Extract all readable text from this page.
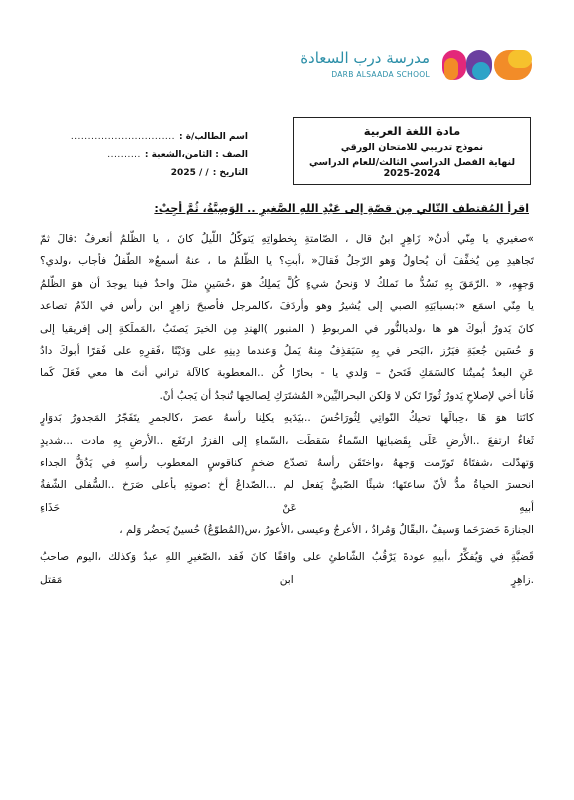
مدرسة درب السعادة
DARB ALSAADA SCHOOL
مادة اللغة العربية
نموذج تدريبي للامتحان الورقي
لنهاية الفصل الدراسي الثالث/للعام الدراسي 2024-2025
اسم الطالب/ة :
...............................
الصف : الثامن،الشعبة :
..........
التاريخ :
/ / 2025
اقرأ المُقتطف التّالي مِن قصّةِ إلى عَبْدِ اللهِ الصَّغيرِ .. الوَصِيَّةُ، ثُمَّ أجِبْ:
»صغيري يا مِنّي أدنُ« زَاهِرٍ ابنُ قال ، الصّامتةِ بِخطواتِهِ يَتوكّلُ اللّيلُ كانَ ، يا الظّلمُ أتعرفُ :قالَ ثمّ
تَجاهيدِ مِن يُخفِّفَ أن يُحاولُ وَهو الرّجلُ فَقالَ« ،أبتِ؟ يا الظّلمُ ما ، عنهُ أسمعُ« الطّفلُ فأجاب ،ولدي؟
وَجهِهِ، « .الرّمَقَ بِهِ نَسُدُّ ما نَملكُ لا وَنحنُ شيءٍ كُلَّ يَملِكُ هوَ ،حُسَينٍ مثلَ واحدٌ فينا يوجدَ أن هوَ الظّلمُ
يا مِنّي اسمَع «:بسبابَتِهِ الصبي إلى يُشيرُ وهو وأردَفَ ،كالمرجل فأصبحَ زاهِرٍ ابن رأس في الدّمُ تصاعد
كانَ يَدورُ أبوكَ هو ها ،ولديالنُّور في المربوطِ ( المنبور )الهندِ مِن الخيرَ يَصنَبُ ،المَملَكةِ إلى إفريقيا إلى
وَ حُسَين جُعبَةِ فيَرُز ،البَحر في بِهِ سَيَقذِفُ مِنهُ يَملُ وَعندما دِينِهِ على وَدَيْنًا ،فَقرِهِ على فَقرًا أبوكَ دادُ
عَنِ البعدُ يُميتُنا كالسَمَكِ فَنَحنُ – وَلدي يا - بحارًا كُن ..المعطوبة كالآلة تراني أنتَ ها معي فَعَلَ كَما
فَأنا أخي لإصلاحِ يَدورُ ثُورًا تَكن لا وَلكن البحراليِّين« المُشتَرَكِ لِصالحِها تُنجدُ أن يَجبُ أنْ.
كانَتا هوَ هَا ،حِبالَها تحيكُ النّواتِي لِثُورَاحُسَ ..بيَدَيهِ يكلِنا رأسهُ عصرَ ،كالجمرِ يتَفَجّرُ المَجدورُ بَدوَارٍ
ثَغاءٌ ارتفعَ ..الأرضِ عَلَى بِقَضبانِها السّماءُ سَقطَت ،السّماءِ إلى الفزرُ ارتَفَع ..الأرضِ بِهِ مادت ...شديدٍ
وَتهدّلت ،شفتَاهُ تَورّمت وَجههُ ،واختَقَن رأسهُ تصدّع ضخمٍ كناقوسٍ المعطوب رأسهِ في يَدُقُّ الجداء
انحسرَ الحياةُ مدُّ لأنّ ساعتَها؛ شيئًا الصّبيُّ يَفعل لم ...الصّداعُ أخ :صوتِهِ بأعلى صَرَخ ..السُّفلى الشّفةُ
أبيهِ عَنْ حَذَاءِ
الجنازةَ حَضرَحَما وَسيفٌ ،البقّالُ وَمُرادُ ، الأعرجُ وعيسى ،الأعورُ ،س(المُطوّعُ) حُسينٌ يَحضُر وَلم ،
قَضيَّةِ في وَيُفكِّرُ ،أبيهِ عودةَ يَرْقُبُ الشّاطئِ على واقفًا كانَ فَقد ،الصّغيرِ اللهِ عبدُ وَكذلك ،اليوم صاحبُ
.زاهِرٍ ابن مَقتل
